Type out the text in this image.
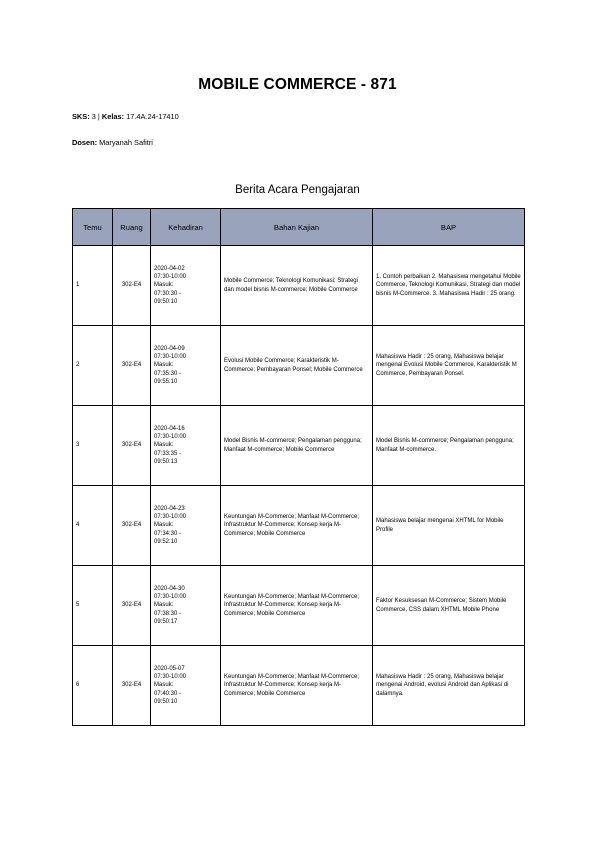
MOBILE COMMERCE - 871
SKS: 3 | Kelas: 17.4A.24-17410
Dosen: Maryanah Safitri
Berita Acara Pengajaran
Temu	Ruang	Kehadiran	Bahan Kajian	BAP
1	302-E4	2020-04-02
07:30-10:00
Masuk:
07:30:30 -
09:50:10	Mobile Commerce; Teknologi Komunikasi; Strategi dan model bisnis M-commerce; Mobile Commerce	1. Contoh perbaikan 2. Mahasiswa mengetahui Mobile Commerce, Teknologi Komunikasi, Strategi dan model bisnis M-Commerce. 3. Mahasiswa Hadir : 25 orang.
2	302-E4	2020-04-09
07:30-10:00
Masuk:
07:35:30 -
09:55:10	Evolusi Mobile Commerce; Karakteristik M-Commerce; Pembayaran Ponsel; Mobile Commerce	Mahasiswa Hadir : 25 orang, Mahasiswa belajar mengenai Evolusi Mobile Commerce, Karakteristik M Commerce, Pembayaran Ponsel.
3	302-E4	2020-04-16
07:30-10:00
Masuk:
07:33:35 -
09:50:13	Model Bisnis M-commerce; Pengalaman pengguna; Manfaat M-commerce; Mobile Commerce	Model Bisnis M-commerce; Pengalaman pengguna; Manfaat M-commerce.
4	302-E4	2020-04-23
07:30-10:00
Masuk:
07:34:30 -
09:52:10	Keuntungan M-Commerce; Manfaat M-Commerce; Infrastruktur M-Commerce; Konsep kerja M-Commerce; Mobile Commerce	Mahasiswa belajar mengenai XHTML for Mobile Profile
5	302-E4	2020-04-30
07:30-10:00
Masuk:
07:38:30 -
09:50:17	Keuntungan M-Commerce; Manfaat M-Commerce; Infrastruktur M-Commerce; Konsep kerja M-Commerce; Mobile Commerce	Faktor Kesuksesan M-Commerce; Sistem Mobile Commerce, CSS dalam XHTML Mobile Phone
6	302-E4	2020-05-07
07:30-10:00
Masuk:
07:40:30 -
09:50:10	Keuntungan M-Commerce; Manfaat M-Commerce; Infrastruktur M-Commerce; Konsep kerja M-Commerce; Mobile Commerce	Mahasiswa Hadir : 25 orang, Mahasiswa belajar mengenai Android, evolusi Android dan Aplikasi di dalamnya.
